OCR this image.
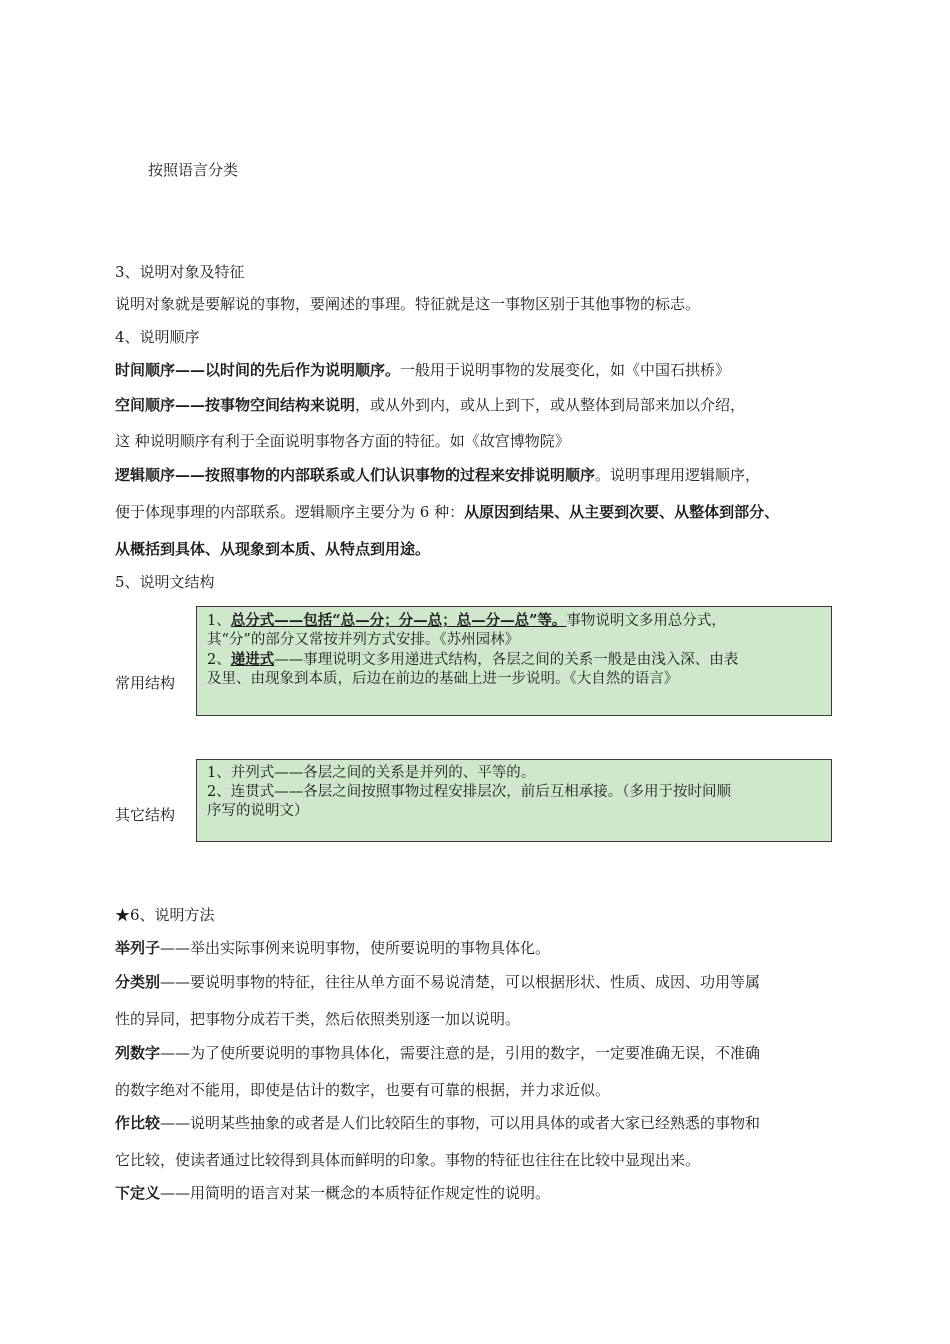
按照语言分类
3、说明对象及特征
说明对象就是要解说的事物，要阐述的事理。特征就是这一事物区别于其他事物的标志。
4、说明顺序
时间顺序——以时间的先后作为说明顺序。一般用于说明事物的发展变化，如《中国石拱桥》
空间顺序——按事物空间结构来说明，或从外到内，或从上到下，或从整体到局部来加以介绍，
这 种说明顺序有利于全面说明事物各方面的特征。如《故宫博物院》
逻辑顺序——按照事物的内部联系或人们认识事物的过程来安排说明顺序。说明事理用逻辑顺序，
便于体现事理的内部联系。逻辑顺序主要分为 6 种：从原因到结果、从主要到次要、从整体到部分、
从概括到具体、从现象到本质、从特点到用途。
5、说明文结构
常用结构
1、总分式——包括“总—分；分—总；总—分—总”等。事物说明文多用总分式，
其“分”的部分又常按并列方式安排。《苏州园林》
2、递进式——事理说明文多用递进式结构，各层之间的关系一般是由浅入深、由表
及里、由现象到本质，后边在前边的基础上进一步说明。《大自然的语言》
其它结构
1、并列式——各层之间的关系是并列的、平等的。
2、连贯式——各层之间按照事物过程安排层次，前后互相承接。（多用于按时间顺
序写的说明文）
★6、说明方法
举列子——举出实际事例来说明事物，使所要说明的事物具体化。
分类别——要说明事物的特征，往往从单方面不易说清楚，可以根据形状、性质、成因、功用等属
性的异同，把事物分成若干类，然后依照类别逐一加以说明。
列数字——为了使所要说明的事物具体化，需要注意的是，引用的数字，一定要准确无误，不准确
的数字绝对不能用，即使是估计的数字，也要有可靠的根据，并力求近似。
作比较——说明某些抽象的或者是人们比较陌生的事物，可以用具体的或者大家已经熟悉的事物和
它比较，使读者通过比较得到具体而鲜明的印象。事物的特征也往往在比较中显现出来。
下定义——用简明的语言对某一概念的本质特征作规定性的说明。
